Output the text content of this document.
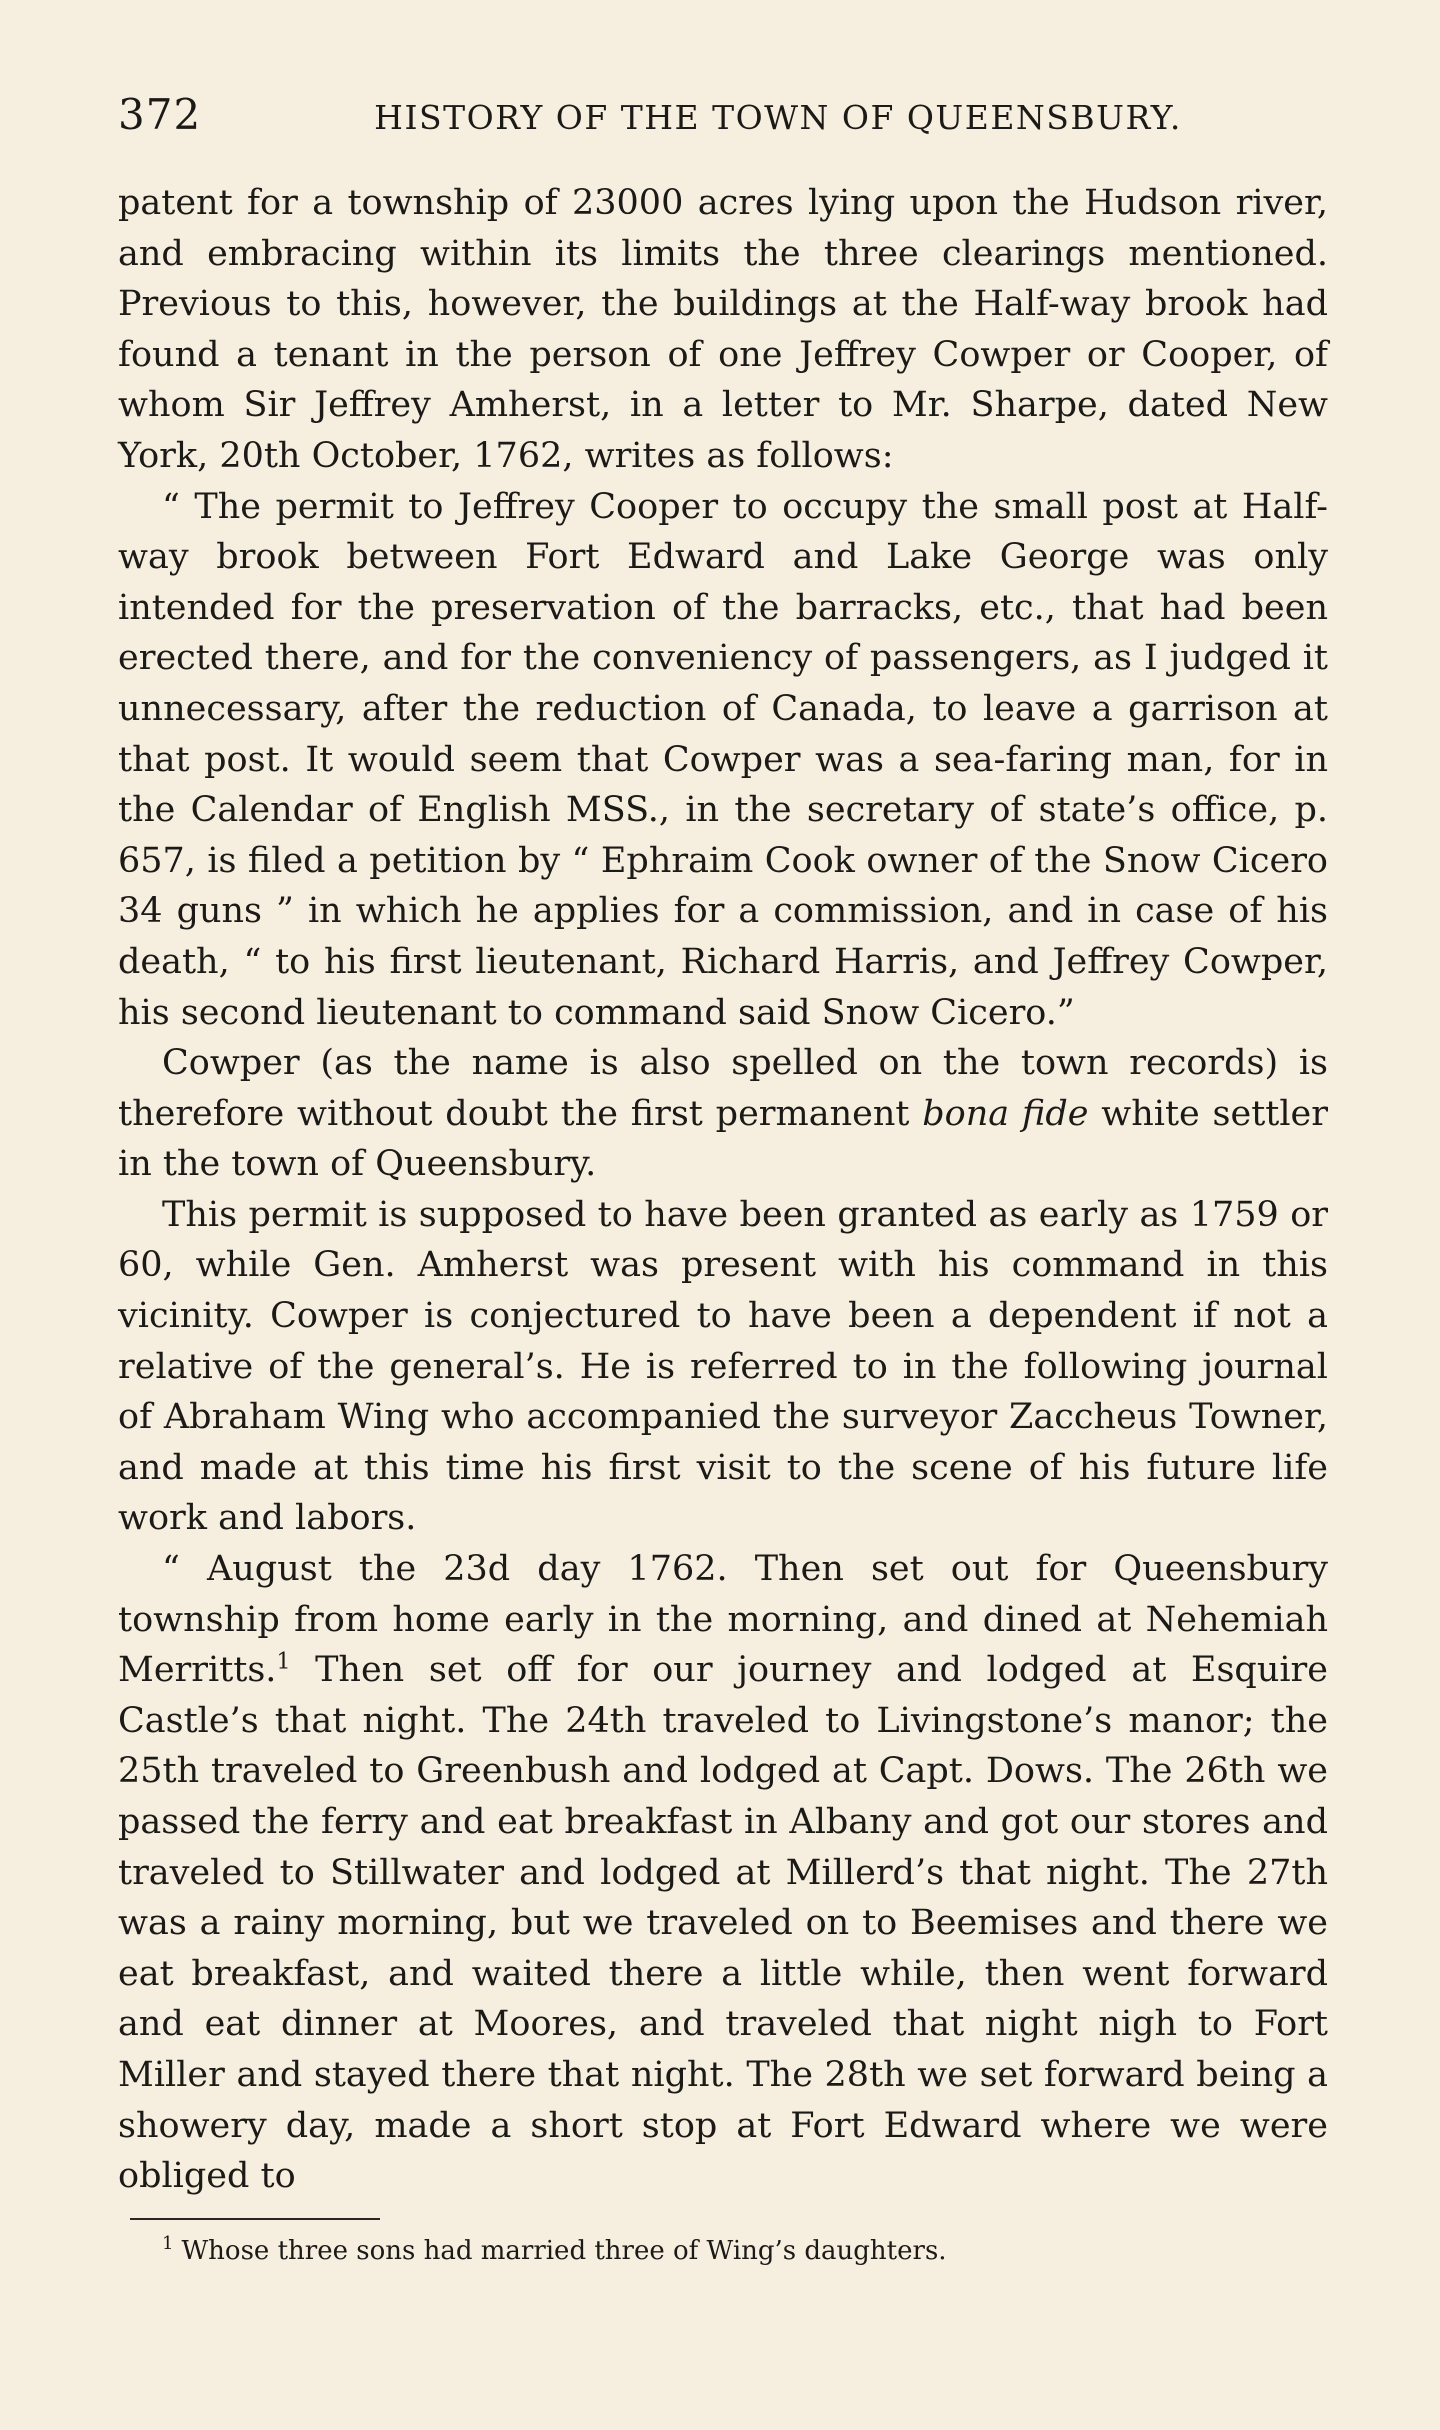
372	HISTORY OF THE TOWN OF QUEENSBURY.

patent for a township of 23000 acres lying upon the Hudson river, and embracing within its limits the three clearings mentioned. Previous to this, however, the buildings at the Half-way brook had found a tenant in the person of one Jeffrey Cowper or Cooper, of whom Sir Jeffrey Amherst, in a letter to Mr. Sharpe, dated New York, 20th October, 1762, writes as follows:

“ The permit to Jeffrey Cooper to occupy the small post at Half-way brook between Fort Edward and Lake George was only intended for the preservation of the barracks, etc., that had been erected there, and for the conveniency of passengers, as I judged it unnecessary, after the reduction of Canada, to leave a garrison at that post. It would seem that Cowper was a sea-faring man, for in the Calendar of English MSS., in the secretary of state’s office, p. 657, is filed a petition by “ Ephraim Cook owner of the Snow Cicero 34 guns ” in which he applies for a commission, and in case of his death, “ to his first lieutenant, Richard Harris, and Jeffrey Cowper, his second lieutenant to command said Snow Cicero.”

Cowper (as the name is also spelled on the town records) is therefore without doubt the first permanent bona fide white settler in the town of Queensbury.

This permit is supposed to have been granted as early as 1759 or 60, while Gen. Amherst was present with his command in this vicinity. Cowper is conjectured to have been a dependent if not a relative of the general’s. He is referred to in the following journal of Abraham Wing who accompanied the surveyor Zaccheus Towner, and made at this time his first visit to the scene of his future life work and labors.

“ August the 23d day 1762. Then set out for Queensbury township from home early in the morning, and dined at Nehemiah Merritts.$^1$ Then set off for our journey and lodged at Esquire Castle’s that night. The 24th traveled to Livingstone’s manor; the 25th traveled to Greenbush and lodged at Capt. Dows. The 26th we passed the ferry and eat breakfast in Albany and got our stores and traveled to Stillwater and lodged at Millerd’s that night. The 27th was a rainy morning, but we traveled on to Beemises and there we eat breakfast, and waited there a little while, then went forward and eat dinner at Moores, and traveled that night nigh to Fort Miller and stayed there that night. The 28th we set forward being a showery day, made a short stop at Fort Edward where we were obliged to

$^1$ Whose three sons had married three of Wing’s daughters.
